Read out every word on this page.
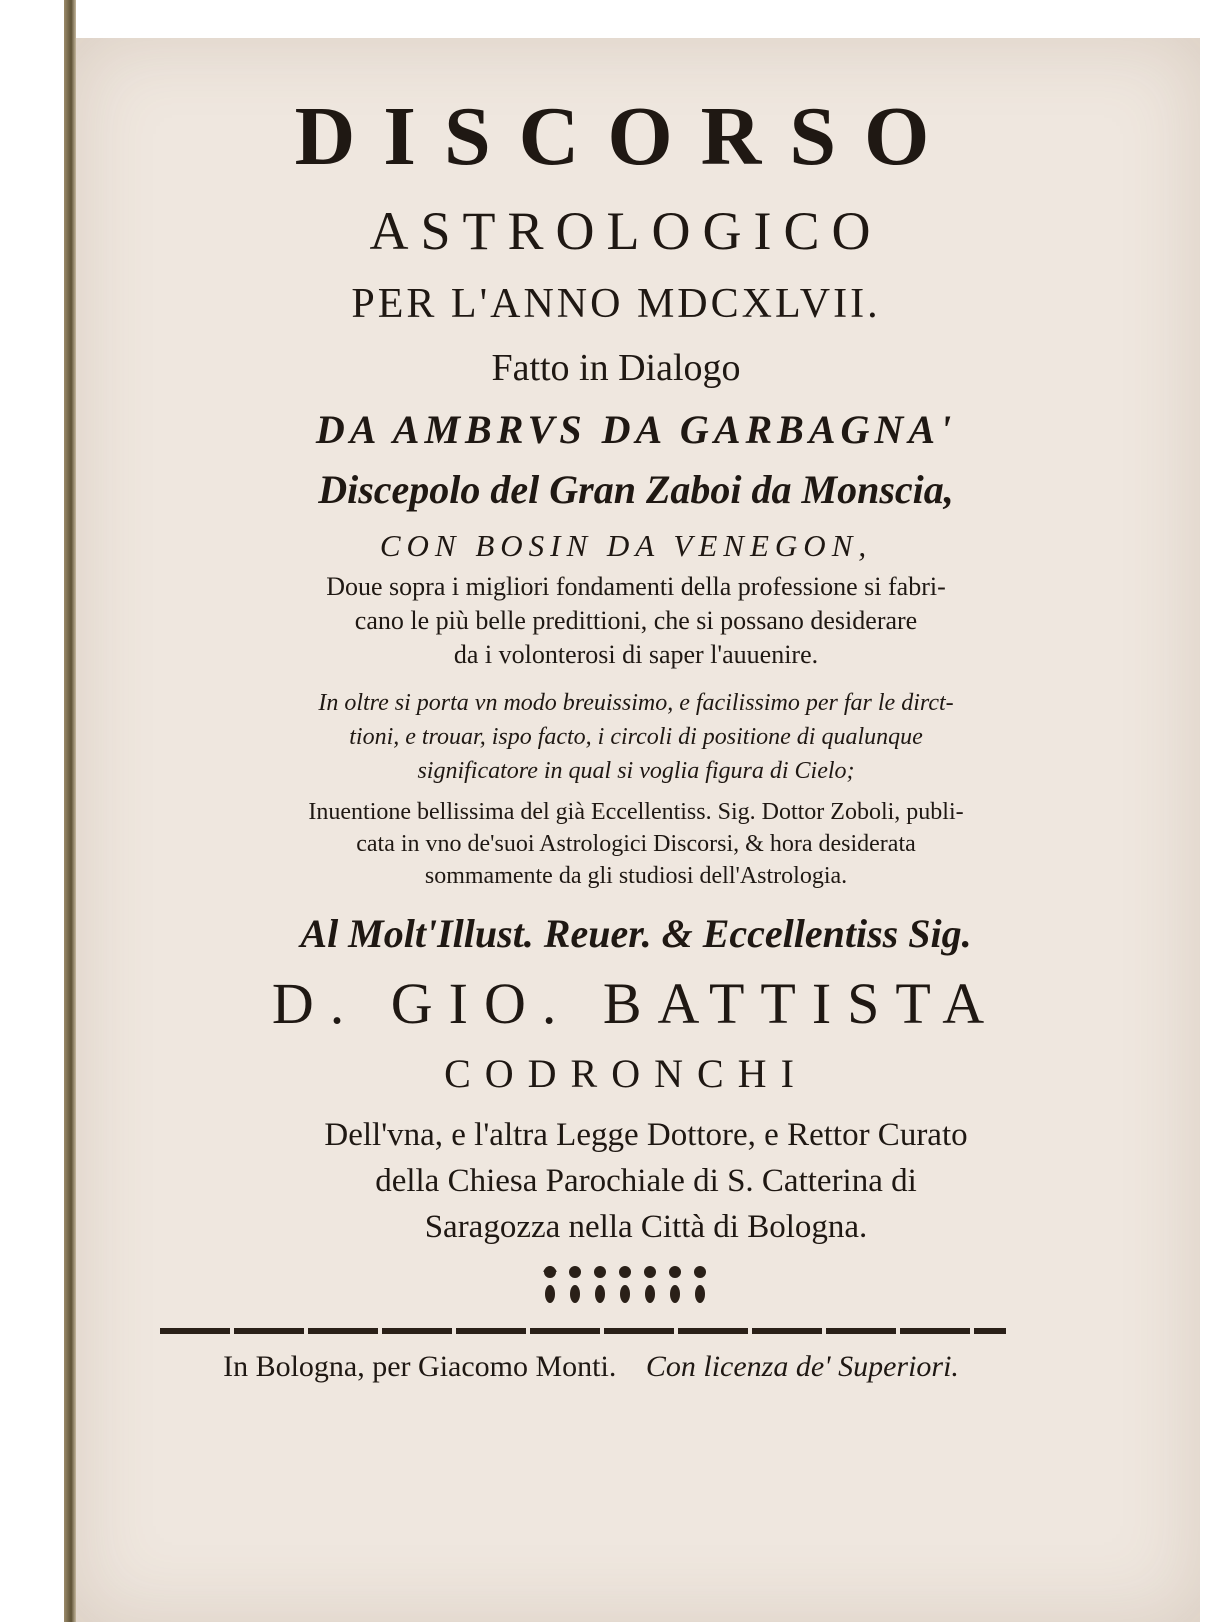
DISCORSO
ASTROLOGICO
PER L'ANNO MDCXLVII.
Fatto in Dialogo
DA AMBRVS DA GARBAGNA'
Discepolo del Gran Zaboi da Monscia,
CON BOSIN DA VENEGON,
Doue sopra i migliori fondamenti della professione si fabri-
cano le più belle predittioni, che si possano desiderare
da i volonterosi di saper l'auuenire.
In oltre si porta vn modo breuissimo, e facilissimo per far le dirct-
tioni, e trouar, ispo facto, i circoli di positione di qualunque
significatore in qual si voglia figura di Cielo;
Inuentione bellissima del già Eccellentiss. Sig. Dottor Zoboli, publi-
cata in vno de'suoi Astrologici Discorsi, & hora desiderata
sommamente da gli studiosi dell'Astrologia.
Al Molt'Illust. Reuer. & Eccellentiss Sig.
D. GIO. BATTISTA
CODRONCHI
Dell'vna, e l'altra Legge Dottore, e Rettor Curato
della Chiesa Parochiale di S. Catterina di
Saragozza nella Città di Bologna.
In Bologna, per Giacomo Monti. Con licenza de' Superiori.
